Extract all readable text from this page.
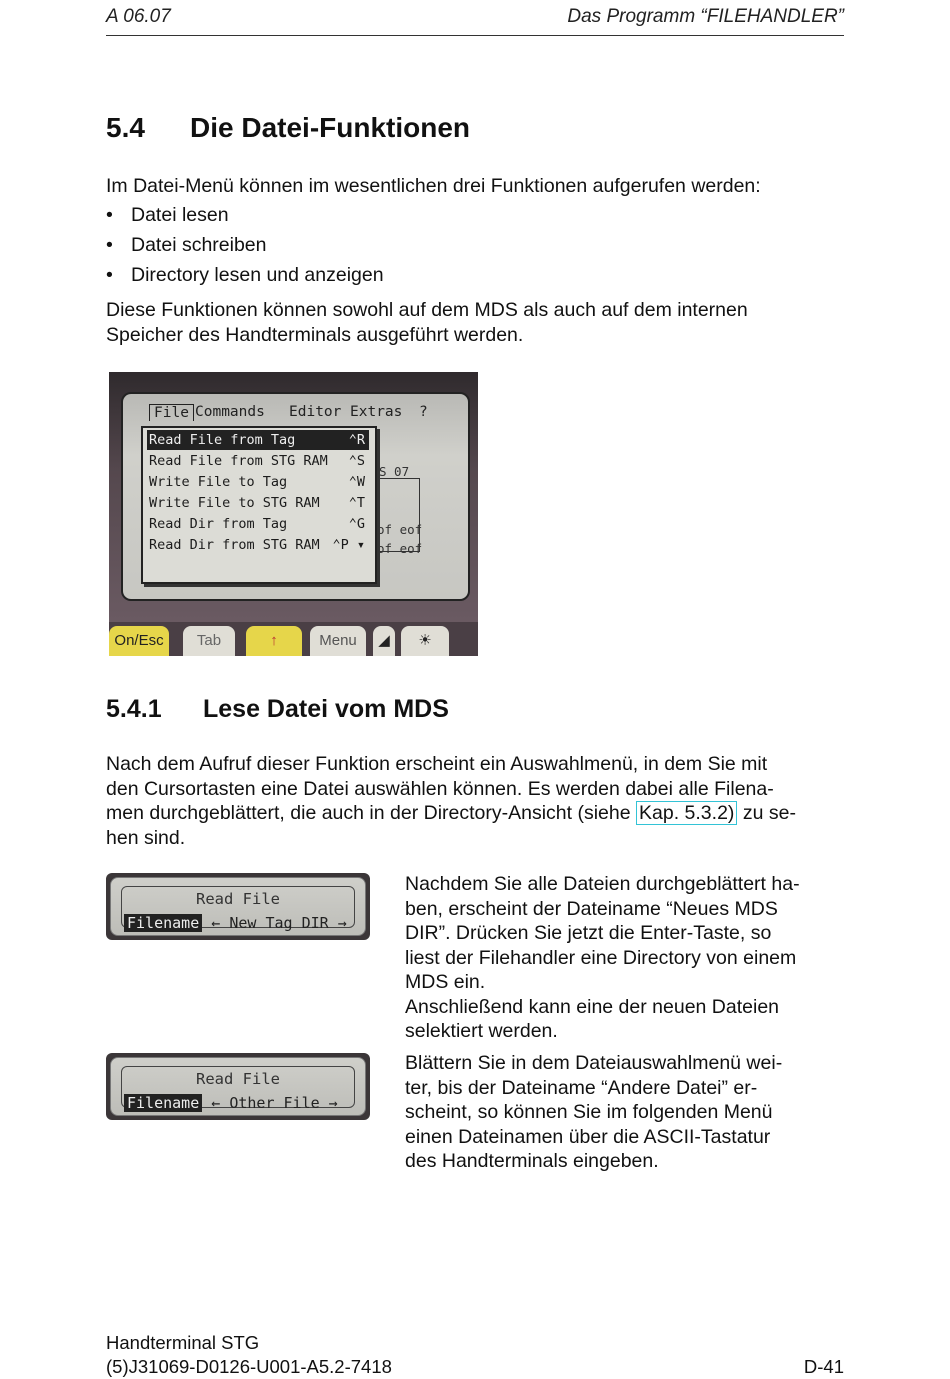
A 06.07	Das Programm “FILEHANDLER”
5.4 Die Datei-Funktionen
Im Datei-Menü können im wesentlichen drei Funktionen aufgerufen werden:
• Datei lesen
• Datei schreiben
• Directory lesen und anzeigen
Diese Funktionen können sowohl auf dem MDS als auch auf dem internen
Speicher des Handterminals ausgeführt werden.
File Commands Editor Extras ?
S 07
of eof
of eof
Read File from Tag	⌃R
Read File from STG RAM ⌃S
Write File to Tag	⌃W
Write File to STG RAM ⌃T
Read Dir from Tag	⌃G
Read Dir from STG RAM ⌃P ▾
On/Esc	Tab	↑	Menu	◢	☀
5.4.1 Lese Datei vom MDS
Nach dem Aufruf dieser Funktion erscheint ein Auswahlmenü, in dem Sie mit
den Cursortasten eine Datei auswählen können. Es werden dabei alle Filena-
men durchgeblättert, die auch in der Directory-Ansicht (siehe Kap. 5.3.2) zu se-
hen sind.
Read File
Filename ← New Tag DIR →
Nachdem Sie alle Dateien durchgeblättert ha-
ben, erscheint der Dateiname “Neues MDS
DIR”. Drücken Sie jetzt die Enter-Taste, so
liest der Filehandler eine Directory von einem
MDS ein.
Anschließend kann eine der neuen Dateien
selektiert werden.
Read File
Filename ← Other File →
Blättern Sie in dem Dateiauswahlmenü wei-
ter, bis der Dateiname “Andere Datei” er-
scheint, so können Sie im folgenden Menü
einen Dateinamen über die ASCII-Tastatur
des Handterminals eingeben.
Handterminal STG
(5)J31069-D0126-U001-A5.2-7418	D-41
